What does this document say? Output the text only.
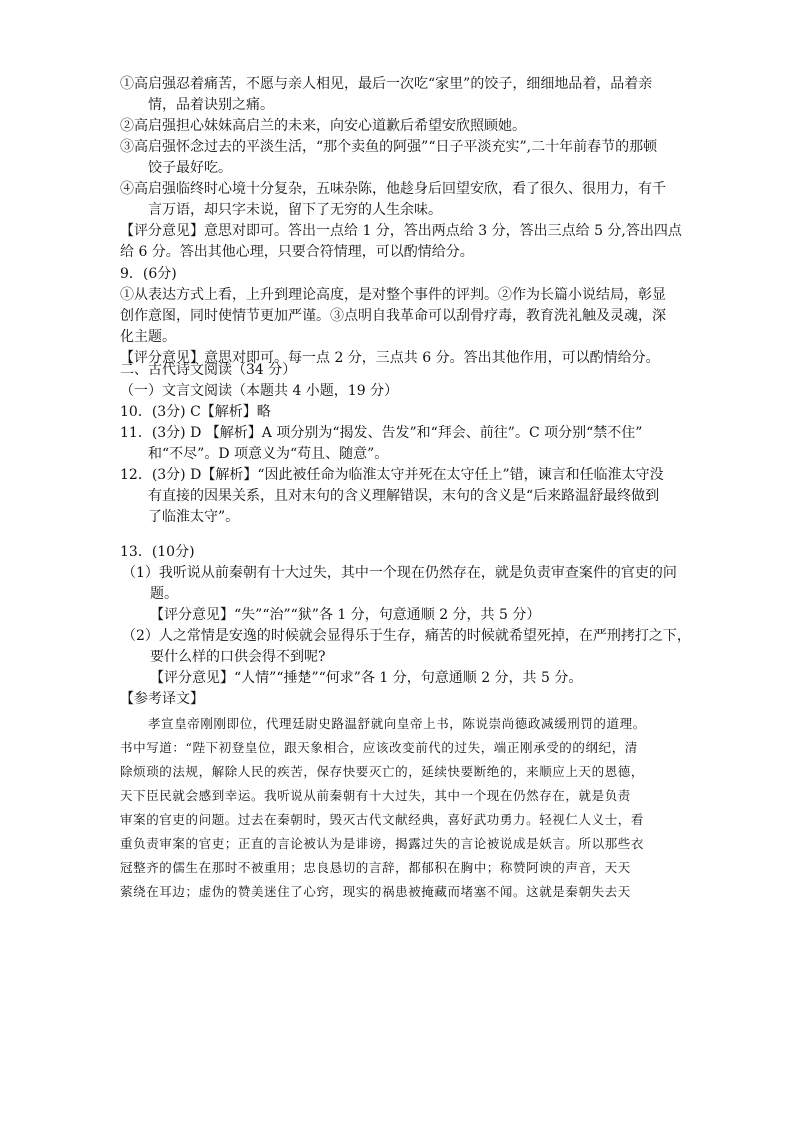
①高启强忍着痛苦，不愿与亲人相见，最后一次吃“家里”的饺子，细细地品着，品着亲
情，品着诀别之痛。
②高启强担心妹妹高启兰的未来，向安心道歉后希望安欣照顾她。
③高启强怀念过去的平淡生活，“那个卖鱼的阿强”“日子平淡充实”,二十年前春节的那顿
饺子最好吃。
④高启强临终时心境十分复杂，五味杂陈，他趁身后回望安欣，看了很久、很用力，有千
言万语，却只字未说，留下了无穷的人生余味。
【评分意见】意思对即可。答出一点给 1 分，答出两点给 3 分，答出三点给 5 分,答出四点
给 6 分。答出其他心理，只要合符情理，可以酌情给分。
9．(6分)
①从表达方式上看，上升到理论高度，是对整个事件的评判。②作为长篇小说结局，彰显
创作意图，同时使情节更加严谨。③点明自我革命可以刮骨疗毒，教育洗礼触及灵魂，深
化主题。
【评分意见】意思对即可。每一点 2 分，三点共 6 分。答出其他作用，可以酌情给分。
二、古代诗文阅读（34 分）
（一）文言文阅读（本题共 4 小题，19 分）
10．(3分) C【解析】略
11．(3分) D 【解析】A 项分别为“揭发、告发”和“拜会、前往”。C 项分别“禁不住”
和“不尽”。D 项意义为“苟且、随意”。
12．(3分) D【解析】“因此被任命为临淮太守并死在太守任上”错，谏言和任临淮太守没
有直接的因果关系，且对末句的含义理解错误，末句的含义是“后来路温舒最终做到
了临淮太守”。
13．(10分)
（1）我听说从前秦朝有十大过失，其中一个现在仍然存在，就是负责审查案件的官吏的问
题。
【评分意见】“失”“治”“狱”各 1 分，句意通顺 2 分，共 5 分）
（2）人之常情是安逸的时候就会显得乐于生存，痛苦的时候就希望死掉，在严刑拷打之下，
要什么样的口供会得不到呢?
【评分意见】“人情”“捶楚”“何求”各 1 分，句意通顺 2 分，共 5 分。
【参考译文】
孝宣皇帝刚刚即位，代理廷尉史路温舒就向皇帝上书，陈说崇尚德政减缓刑罚的道理。
书中写道：“陛下初登皇位，跟天象相合，应该改变前代的过失，端正刚承受的的纲纪，清
除烦琐的法规，解除人民的疾苦，保存快要灭亡的，延续快要断绝的，来顺应上天的恩德，
天下臣民就会感到幸运。我听说从前秦朝有十大过失，其中一个现在仍然存在，就是负责
审案的官吏的问题。过去在秦朝时，毁灭古代文献经典，喜好武功勇力。轻视仁人义士，看
重负责审案的官吏；正直的言论被认为是诽谤，揭露过失的言论被说成是妖言。所以那些衣
冠整齐的儒生在那时不被重用；忠良恳切的言辞，都郁积在胸中；称赞阿谀的声音，天天
萦绕在耳边；虚伪的赞美迷住了心窍，现实的祸患被掩藏而堵塞不闻。这就是秦朝失去天
